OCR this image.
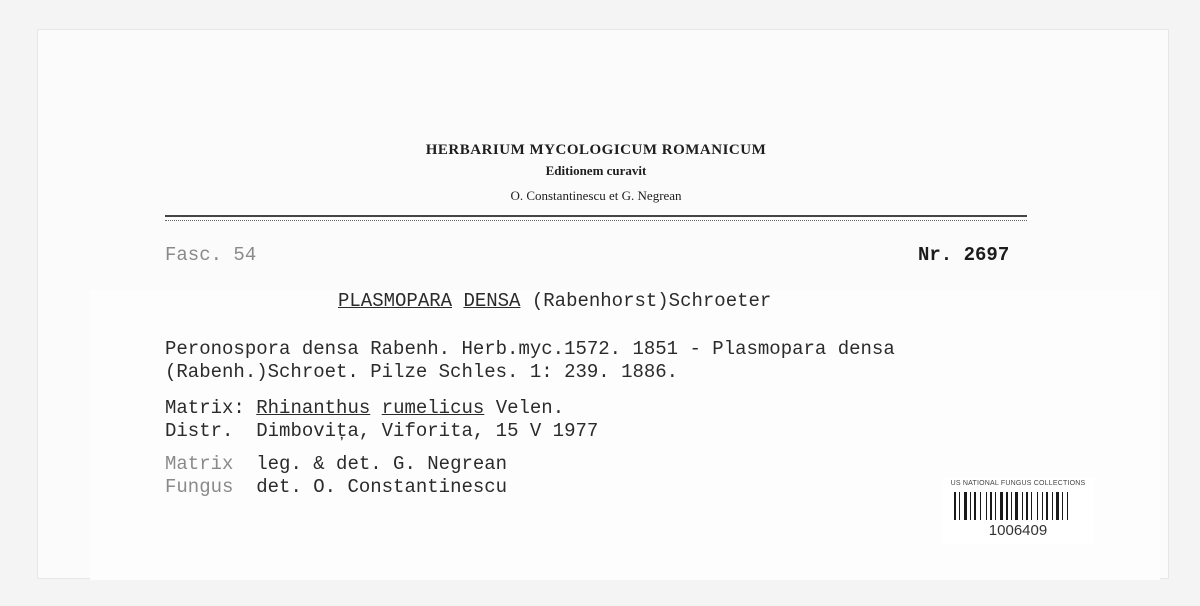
HERBARIUM MYCOLOGICUM ROMANICUM
Editionem curavit
O. Constantinescu et G. Negrean
Fasc. 54	Nr. 2697
PLASMOPARA DENSA (Rabenhorst)Schroeter
Peronospora densa Rabenh. Herb.myc.1572. 1851 - Plasmopara densa
(Rabenh.)Schroet. Pilze Schles. 1: 239. 1886.
Matrix: Rhinanthus rumelicus Velen.
Distr. Dimbovița, Viforita, 15 V 1977
Matrix leg. & det. G. Negrean
Fungus det. O. Constantinescu	US NATIONAL FUNGUS COLLECTIONS
1006409
